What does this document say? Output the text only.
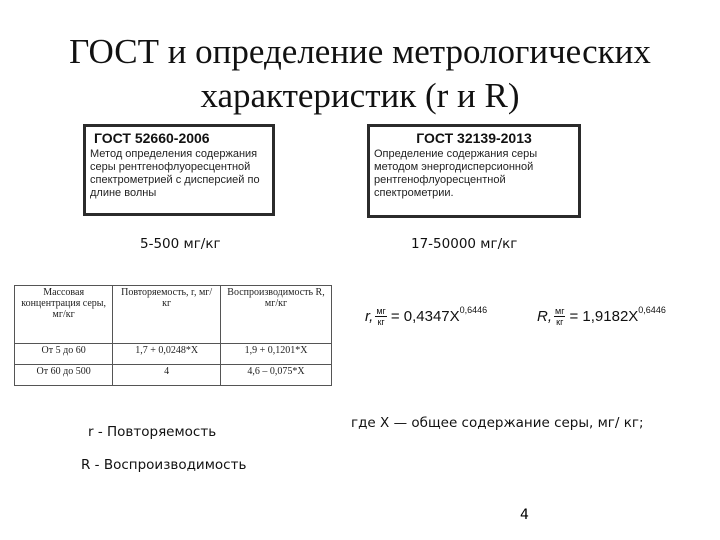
ГОСТ и определение метрологических
характеристик (r и R)
ГОСТ 52660-2006
Метод определения содержания серы рентгенофлуоресцентной спектрометрией с дисперсией по длине волны
ГОСТ 32139-2013
Определение содержания серы методом энергодисперсионной рентгенофлуоресцентной спектрометрии.
5-500 мг/кг	17-50000 мг/кг
Массовая концентрация серы, мг/кг	Повторяемость, r, мг/кг	Воспроизводимость R, мг/кг
От 5 до 60	1,7 + 0,0248*X	1,9 + 0,1201*X
От 60 до 500	4	4,6 – 0,075*X
r, $\frac{мг}{кг} = 0,4347X$ 0,6446	R, $\frac{мг}{кг} = 1,9182X$ 0,6446
r - Повторяемость
R - Воспроизводимость
где X — общее содержание серы, мг/ кг;
4
